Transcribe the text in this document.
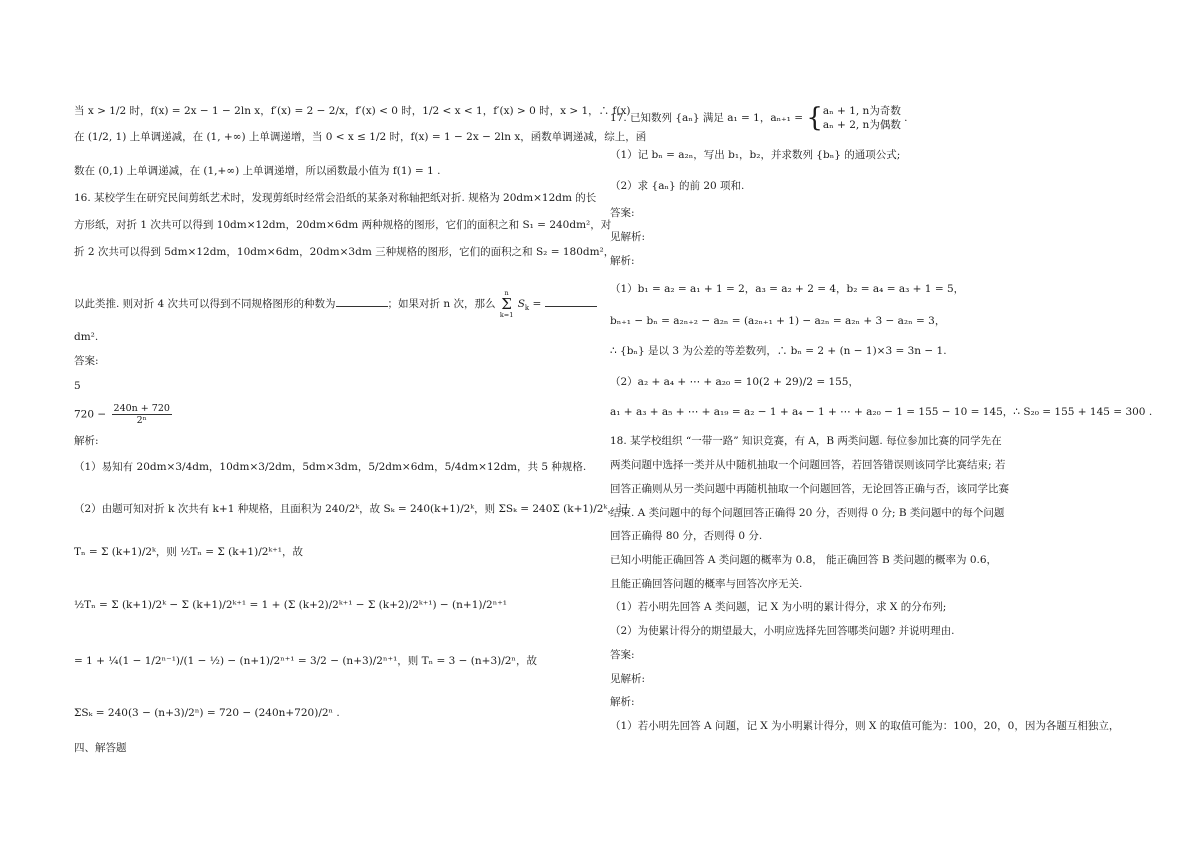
当 x > 1/2 时，f(x) = 2x − 1 − 2ln x，f′(x) = 2 − 2/x，f′(x) < 0 时，1/2 < x < 1，f′(x) > 0 时，x > 1，∴ f(x)
在 (1/2, 1) 上单调递减，在 (1, +∞) 上单调递增，当 0 < x ≤ 1/2 时，f(x) = 1 − 2x − 2ln x，函数单调递减，综上，函
数在 (0,1) 上单调递减，在 (1,+∞) 上单调递增，所以函数最小值为 f(1) = 1 .
16. 某校学生在研究民间剪纸艺术时，发现剪纸时经常会沿纸的某条对称轴把纸对折. 规格为 20dm×12dm 的长
方形纸，对折 1 次共可以得到 10dm×12dm，20dm×6dm 两种规格的图形，它们的面积之和 S₁ = 240dm²，对
折 2 次共可以得到 5dm×12dm，10dm×6dm，20dm×3dm 三种规格的图形，它们的面积之和 S₂ = 180dm²，
以此类推. 则对折 4 次共可以得到不同规格图形的种数为	；如果对折 n 次，那么
n
Σ
k=1
$S_k$ =
dm².
答案:
5
$720 - \frac{240n + 720}{\text{2ⁿ}}$
解析:
（1）易知有 20dm×3/4dm，10dm×3/2dm，5dm×3dm，5/2dm×6dm，5/4dm×12dm，共 5 种规格.
（2）由题可知对折 k 次共有 k+1 种规格，且面积为 240/2ᵏ，故 Sₖ = 240(k+1)/2ᵏ，则 ΣSₖ = 240Σ (k+1)/2ᵏ，记
Tₙ = Σ (k+1)/2ᵏ，则 ½Tₙ = Σ (k+1)/2ᵏ⁺¹，故
½Tₙ = Σ (k+1)/2ᵏ − Σ (k+1)/2ᵏ⁺¹ = 1 + (Σ (k+2)/2ᵏ⁺¹ − Σ (k+2)/2ᵏ⁺¹) − (n+1)/2ⁿ⁺¹
= 1 + ¼(1 − 1/2ⁿ⁻¹)/(1 − ½) − (n+1)/2ⁿ⁺¹ = 3/2 − (n+3)/2ⁿ⁺¹，则 Tₙ = 3 − (n+3)/2ⁿ，故
ΣSₖ = 240(3 − (n+3)/2ⁿ) = 720 − (240n+720)/2ⁿ .
四、解答题
17. 已知数列 {aₙ} 满足 a₁ = 1，aₙ₊₁ = { aₙ + 1, n为奇数
aₙ + 2, n为偶数
.
（1）记 bₙ = a₂ₙ，写出 b₁，b₂，并求数列 {bₙ} 的通项公式;
（2）求 {aₙ} 的前 20 项和.
答案:
见解析:
解析:
（1）b₁ = a₂ = a₁ + 1 = 2，a₃ = a₂ + 2 = 4，b₂ = a₄ = a₃ + 1 = 5，
bₙ₊₁ − bₙ = a₂ₙ₊₂ − a₂ₙ = (a₂ₙ₊₁ + 1) − a₂ₙ = a₂ₙ + 3 − a₂ₙ = 3，
∴ {bₙ} 是以 3 为公差的等差数列，∴ bₙ = 2 + (n − 1)×3 = 3n − 1.
（2）a₂ + a₄ + ⋯ + a₂₀ = 10(2 + 29)/2 = 155，
a₁ + a₃ + a₅ + ⋯ + a₁₉ = a₂ − 1 + a₄ − 1 + ⋯ + a₂₀ − 1 = 155 − 10 = 145，∴ S₂₀ = 155 + 145 = 300 .
18. 某学校组织 “一带一路” 知识竞赛，有 A，B 两类问题. 每位参加比赛的同学先在
两类问题中选择一类并从中随机抽取一个问题回答，若回答错误则该同学比赛结束; 若
回答正确则从另一类问题中再随机抽取一个问题回答，无论回答正确与否，该同学比赛
结束. A 类问题中的每个问题回答正确得 20 分，否则得 0 分; B 类问题中的每个问题
回答正确得 80 分，否则得 0 分.
已知小明能正确回答 A 类问题的概率为 0.8， 能正确回答 B 类问题的概率为 0.6，
且能正确回答问题的概率与回答次序无关.
（1）若小明先回答 A 类问题，记 X 为小明的累计得分，求 X 的分布列;
（2）为使累计得分的期望最大，小明应选择先回答哪类问题? 并说明理由.
答案:
见解析:
解析:
（1）若小明先回答 A 问题，记 X 为小明累计得分，则 X 的取值可能为：100，20，0，因为各题互相独立，
